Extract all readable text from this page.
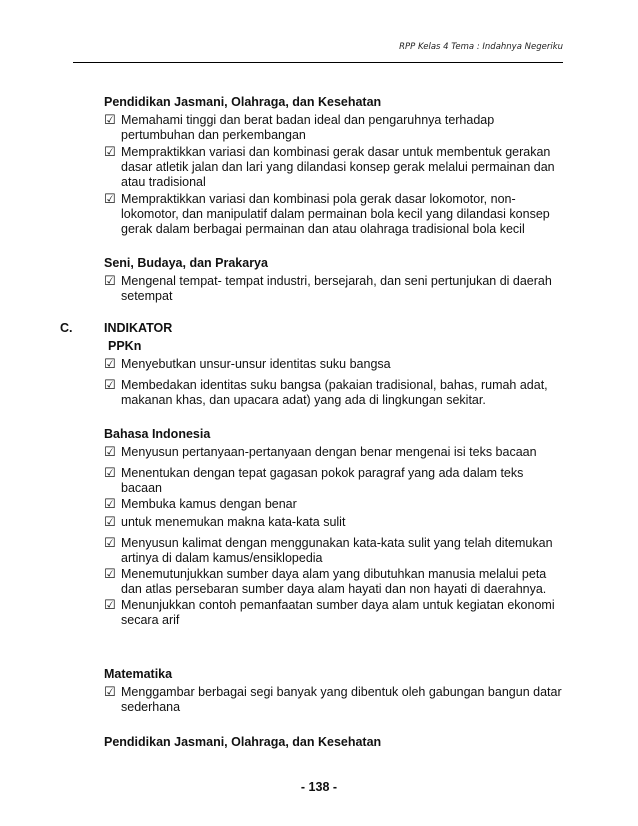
RPP Kelas 4 Tema : Indahnya Negeriku
Pendidikan Jasmani, Olahraga, dan Kesehatan
☑ Memahami tinggi dan berat badan ideal dan pengaruhnya terhadap pertumbuhan dan perkembangan
☑ Mempraktikkan variasi dan kombinasi gerak dasar untuk membentuk gerakan dasar atletik jalan dan lari yang dilandasi konsep gerak melalui permainan dan atau tradisional
☑ Mempraktikkan variasi dan kombinasi pola gerak dasar lokomotor, non-lokomotor, dan manipulatif dalam permainan bola kecil yang dilandasi konsep gerak dalam berbagai permainan dan atau olahraga tradisional bola kecil
Seni, Budaya, dan Prakarya
☑ Mengenal tempat- tempat industri, bersejarah, dan seni pertunjukan di daerah setempat
C.	INDIKATOR
PPKn
☑ Menyebutkan unsur-unsur identitas suku bangsa
☑ Membedakan identitas suku bangsa (pakaian tradisional, bahas, rumah adat, makanan khas, dan upacara adat) yang ada di lingkungan sekitar.
Bahasa Indonesia
☑ Menyusun pertanyaan-pertanyaan dengan benar mengenai isi teks bacaan
☑ Menentukan dengan tepat gagasan pokok paragraf yang ada dalam teks bacaan
☑ Membuka kamus dengan benar
☑ untuk menemukan makna kata-kata sulit
☑ Menyusun kalimat dengan menggunakan kata-kata sulit yang telah ditemukan artinya di dalam kamus/ensiklopedia
☑ Menemutunjukkan sumber daya alam yang dibutuhkan manusia melalui peta dan atlas persebaran sumber daya alam hayati dan non hayati di daerahnya.
☑ Menunjukkan contoh pemanfaatan sumber daya alam untuk kegiatan ekonomi secara arif
Matematika
☑ Menggambar berbagai segi banyak yang dibentuk oleh gabungan bangun datar sederhana
Pendidikan Jasmani, Olahraga, dan Kesehatan
- 138 -
